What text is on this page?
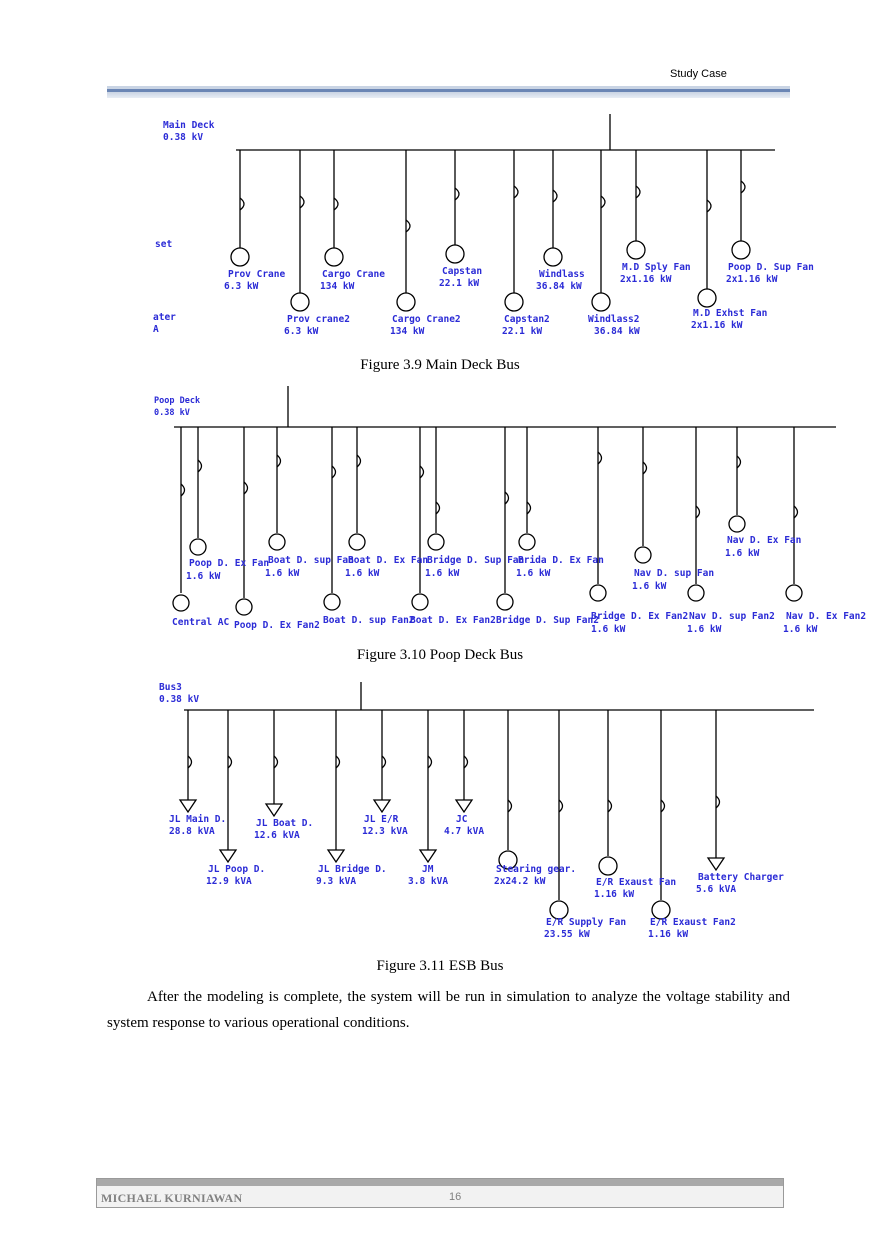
Study Case
Main Deck
0.38 kV
set
ater
A
Prov Crane
6.3 kW
Prov crane2
6.3 kW
Cargo Crane
134 kW
Cargo Crane2
134 kW
Capstan
22.1 kW
Capstan2
22.1 kW
Windlass
36.84 kW
Windlass2
36.84 kW
M.D Sply Fan
2x1.16 kW
M.D Exhst Fan
2x1.16 kW
Poop D. Sup Fan
2x1.16 kW
Figure 3.9 Main Deck Bus
Poop Deck
0.38 kV
Central AC
Poop D. Ex Fan
1.6 kW
Poop D. Ex Fan2
Boat D. sup Fan
1.6 kW
Boat D. sup Fan2
Boat D. Ex Fan
1.6 kW
Boat D. Ex Fan2
Bridge D. Sup Fan
1.6 kW
Bridge D. Sup Fan2
Brida D. Ex Fan
1.6 kW
Bridge D. Ex Fan2
1.6 kW
Nav D. sup Fan
1.6 kW
Nav D. sup Fan2
1.6 kW
Nav D. Ex Fan
1.6 kW
Nav D. Ex Fan2
1.6 kW
Figure 3.10 Poop Deck Bus
Bus3
0.38 kV
JL Main D.
28.8 kVA
JL Poop D.
12.9 kVA
JL Boat D.
12.6 kVA
JL Bridge D.
9.3 kVA
JL E/R
12.3 kVA
JM
3.8 kVA
JC
4.7 kVA
Stearing gear.
2x24.2 kW
E/R Supply Fan
23.55 kW
E/R Exaust Fan
1.16 kW
E/R Exaust Fan2
1.16 kW
Battery Charger
5.6 kVA
Figure 3.11 ESB Bus
After the modeling is complete, the system will be run in simulation to analyze the voltage stability and system response to various operational conditions.
MICHAEL KURNIAWAN	16
